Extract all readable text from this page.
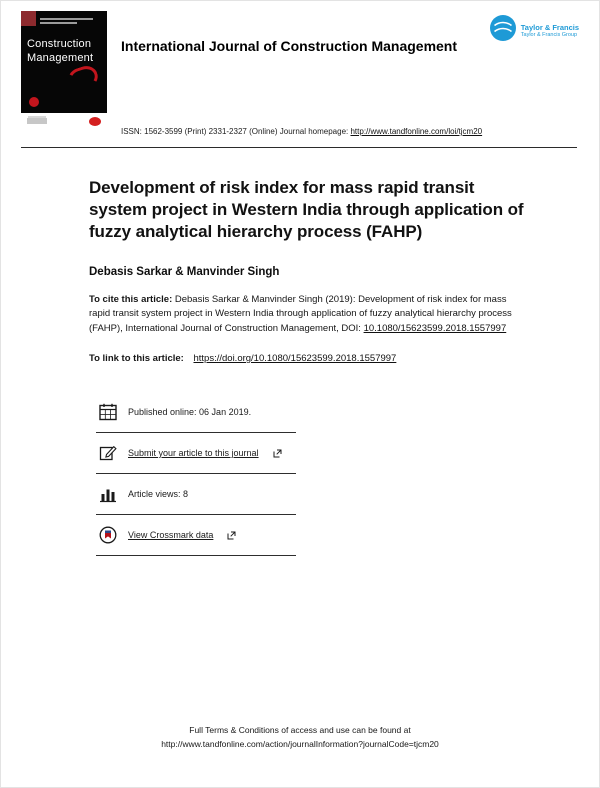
Construction
Management
Taylor & Francis
Taylor & Francis Group
International Journal of Construction Management
ISSN: 1562-3599 (Print) 2331-2327 (Online) Journal homepage: http://www.tandfonline.com/loi/tjcm20
Development of risk index for mass rapid transit system project in Western India through application of fuzzy analytical hierarchy process (FAHP)
Debasis Sarkar & Manvinder Singh

To cite this article: Debasis Sarkar & Manvinder Singh (2019): Development of risk index for mass rapid transit system project in Western India through application of fuzzy analytical hierarchy process (FAHP), International Journal of Construction Management, DOI: 10.1080/15623599.2018.1557997

To link to this article: https://doi.org/10.1080/15623599.2018.1557997

Published online: 06 Jan 2019.
Submit your article to this journal
Article views: 8
View Crossmark data
Full Terms & Conditions of access and use can be found at
http://www.tandfonline.com/action/journalInformation?journalCode=tjcm20
